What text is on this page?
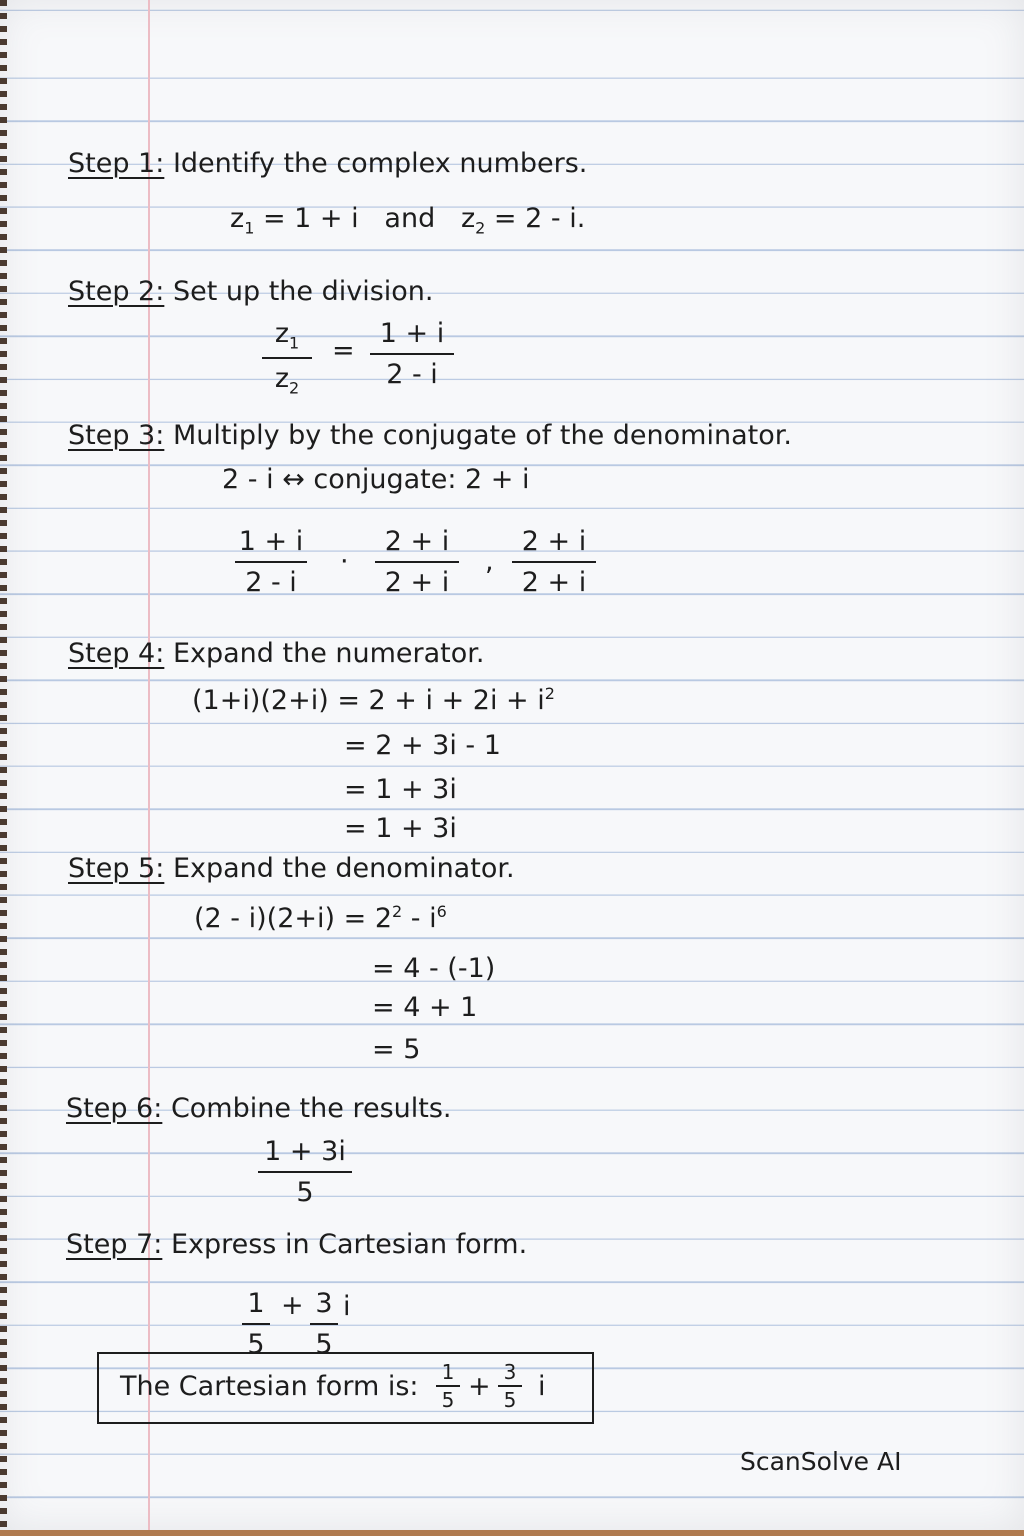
Step 1: Identify the complex numbers.
$z_1 = 1 + i$ and $z_2 = 2 - i$.
Step 2: Set up the division.
$z_1$
$z_2$
=
1 + i
2 - i
Step 3: Multiply by the conjugate of the denominator.
2 - i ↔ conjugate: 2 + i
1 + i
2 - i
·
2 + i
2 + i
,
2 + i
2 + i
Step 4: Expand the numerator.
$(1+i)(2+i) = 2 + i + 2i + i^2$
= 2 + 3i - 1
= 1 + 3i
= 1 + 3i
Step 5: Expand the denominator.
$(2 - i)(2+i) = 2^2 - i^6$
= 4 - (-1)
= 4 + 1
= 5
Step 6: Combine the results.
1 + 3i
5
Step 7: Express in Cartesian form.
1
5
+ 3
5
i
The Cartesian form is: 1
5 + 3
5 i
ScanSolve AI
